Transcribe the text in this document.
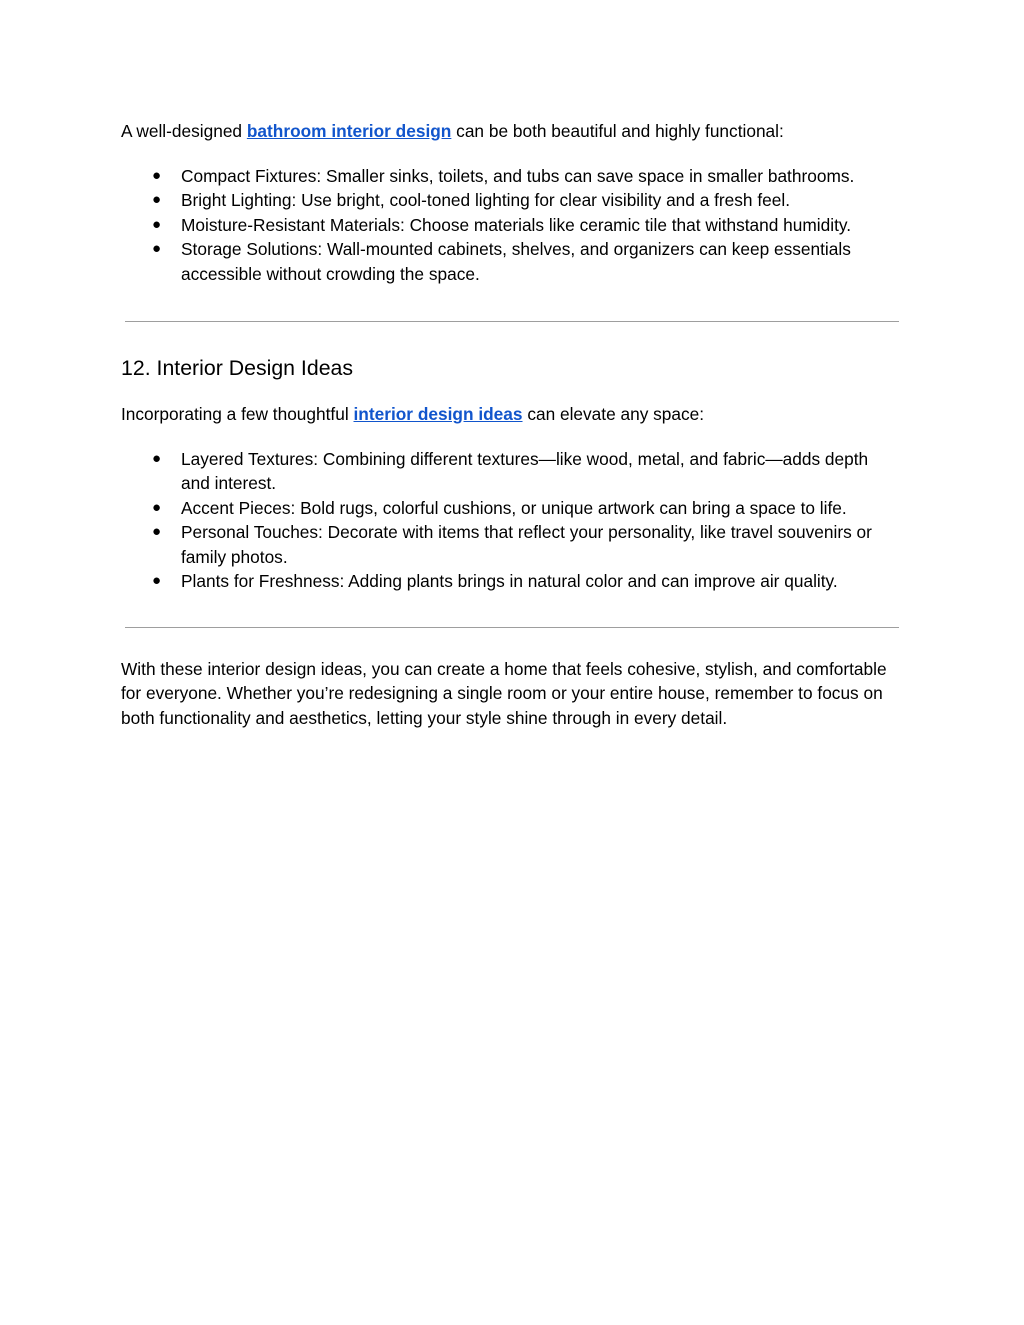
A well-designed bathroom interior design can be both beautiful and highly functional:

● Compact Fixtures: Smaller sinks, toilets, and tubs can save space in smaller bathrooms.
● Bright Lighting: Use bright, cool-toned lighting for clear visibility and a fresh feel.
● Moisture-Resistant Materials: Choose materials like ceramic tile that withstand humidity.
● Storage Solutions: Wall-mounted cabinets, shelves, and organizers can keep essentials accessible without crowding the space.
12. Interior Design Ideas

Incorporating a few thoughtful interior design ideas can elevate any space:

● Layered Textures: Combining different textures—like wood, metal, and fabric—adds depth and interest.
● Accent Pieces: Bold rugs, colorful cushions, or unique artwork can bring a space to life.
● Personal Touches: Decorate with items that reflect your personality, like travel souvenirs or family photos.
● Plants for Freshness: Adding plants brings in natural color and can improve air quality.

With these interior design ideas, you can create a home that feels cohesive, stylish, and comfortable for everyone. Whether you’re redesigning a single room or your entire house, remember to focus on both functionality and aesthetics, letting your style shine through in every detail.
